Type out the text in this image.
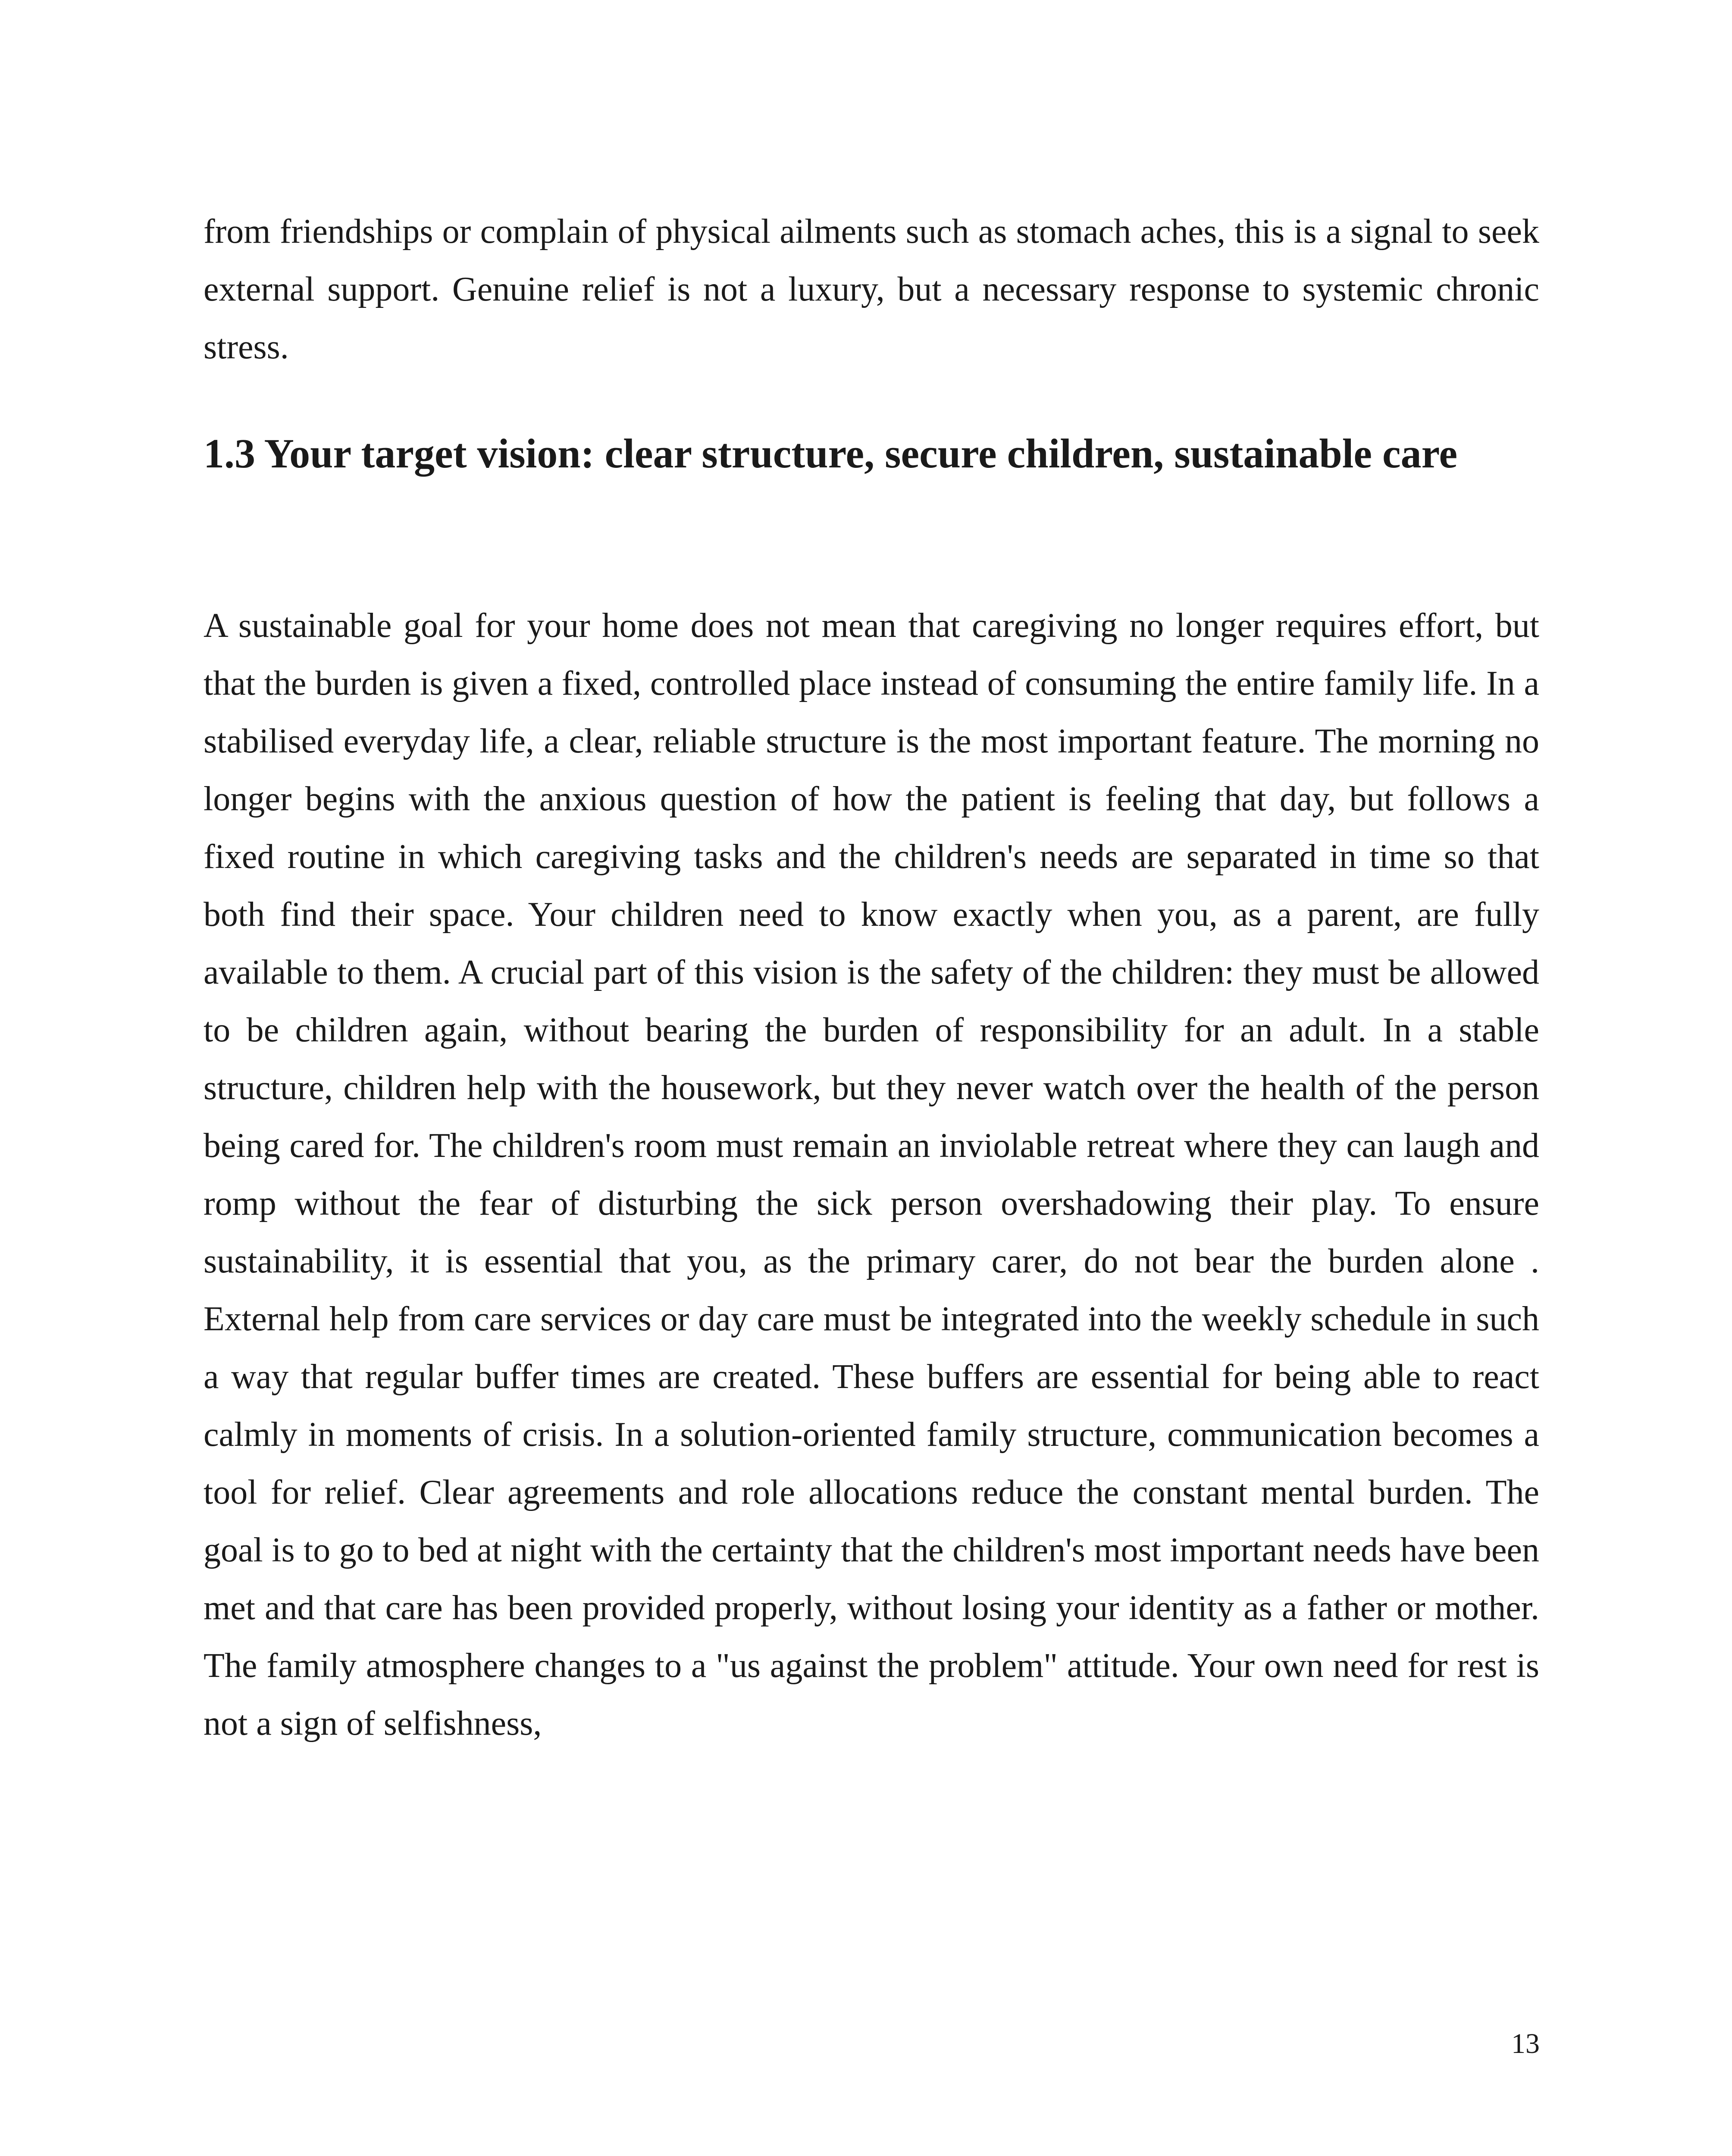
from friendships or complain of physical ailments such as stomach aches, this is a signal to seek external support. Genuine relief is not a luxury, but a necessary response to systemic chronic stress.

1.3 Your target vision: clear structure, secure children, sustainable care

A sustainable goal for your home does not mean that caregiving no longer requires effort, but that the burden is given a fixed, controlled place instead of consuming the entire family life. In a stabilised everyday life, a clear, reliable structure is the most important feature. The morning no longer begins with the anxious question of how the patient is feeling that day, but follows a fixed routine in which caregiving tasks and the children's needs are separated in time so that both find their space. Your children need to know exactly when you, as a parent, are fully available to them. A crucial part of this vision is the safety of the children: they must be allowed to be children again, without bearing the burden of responsibility for an adult. In a stable structure, children help with the housework, but they never watch over the health of the person being cared for. The children's room must remain an inviolable retreat where they can laugh and romp without the fear of disturbing the sick person overshadowing their play. To ensure sustainability, it is essential that you, as the primary carer, do not bear the burden alone . External help from care services or day care must be integrated into the weekly schedule in such a way that regular buffer times are created. These buffers are essential for being able to react calmly in moments of crisis. In a solution-oriented family structure, communication becomes a tool for relief. Clear agreements and role allocations reduce the constant mental burden. The goal is to go to bed at night with the certainty that the children's most important needs have been met and that care has been provided properly, without losing your identity as a father or mother. The family atmosphere changes to a "us against the problem" attitude. Your own need for rest is not a sign of selfishness,

13
